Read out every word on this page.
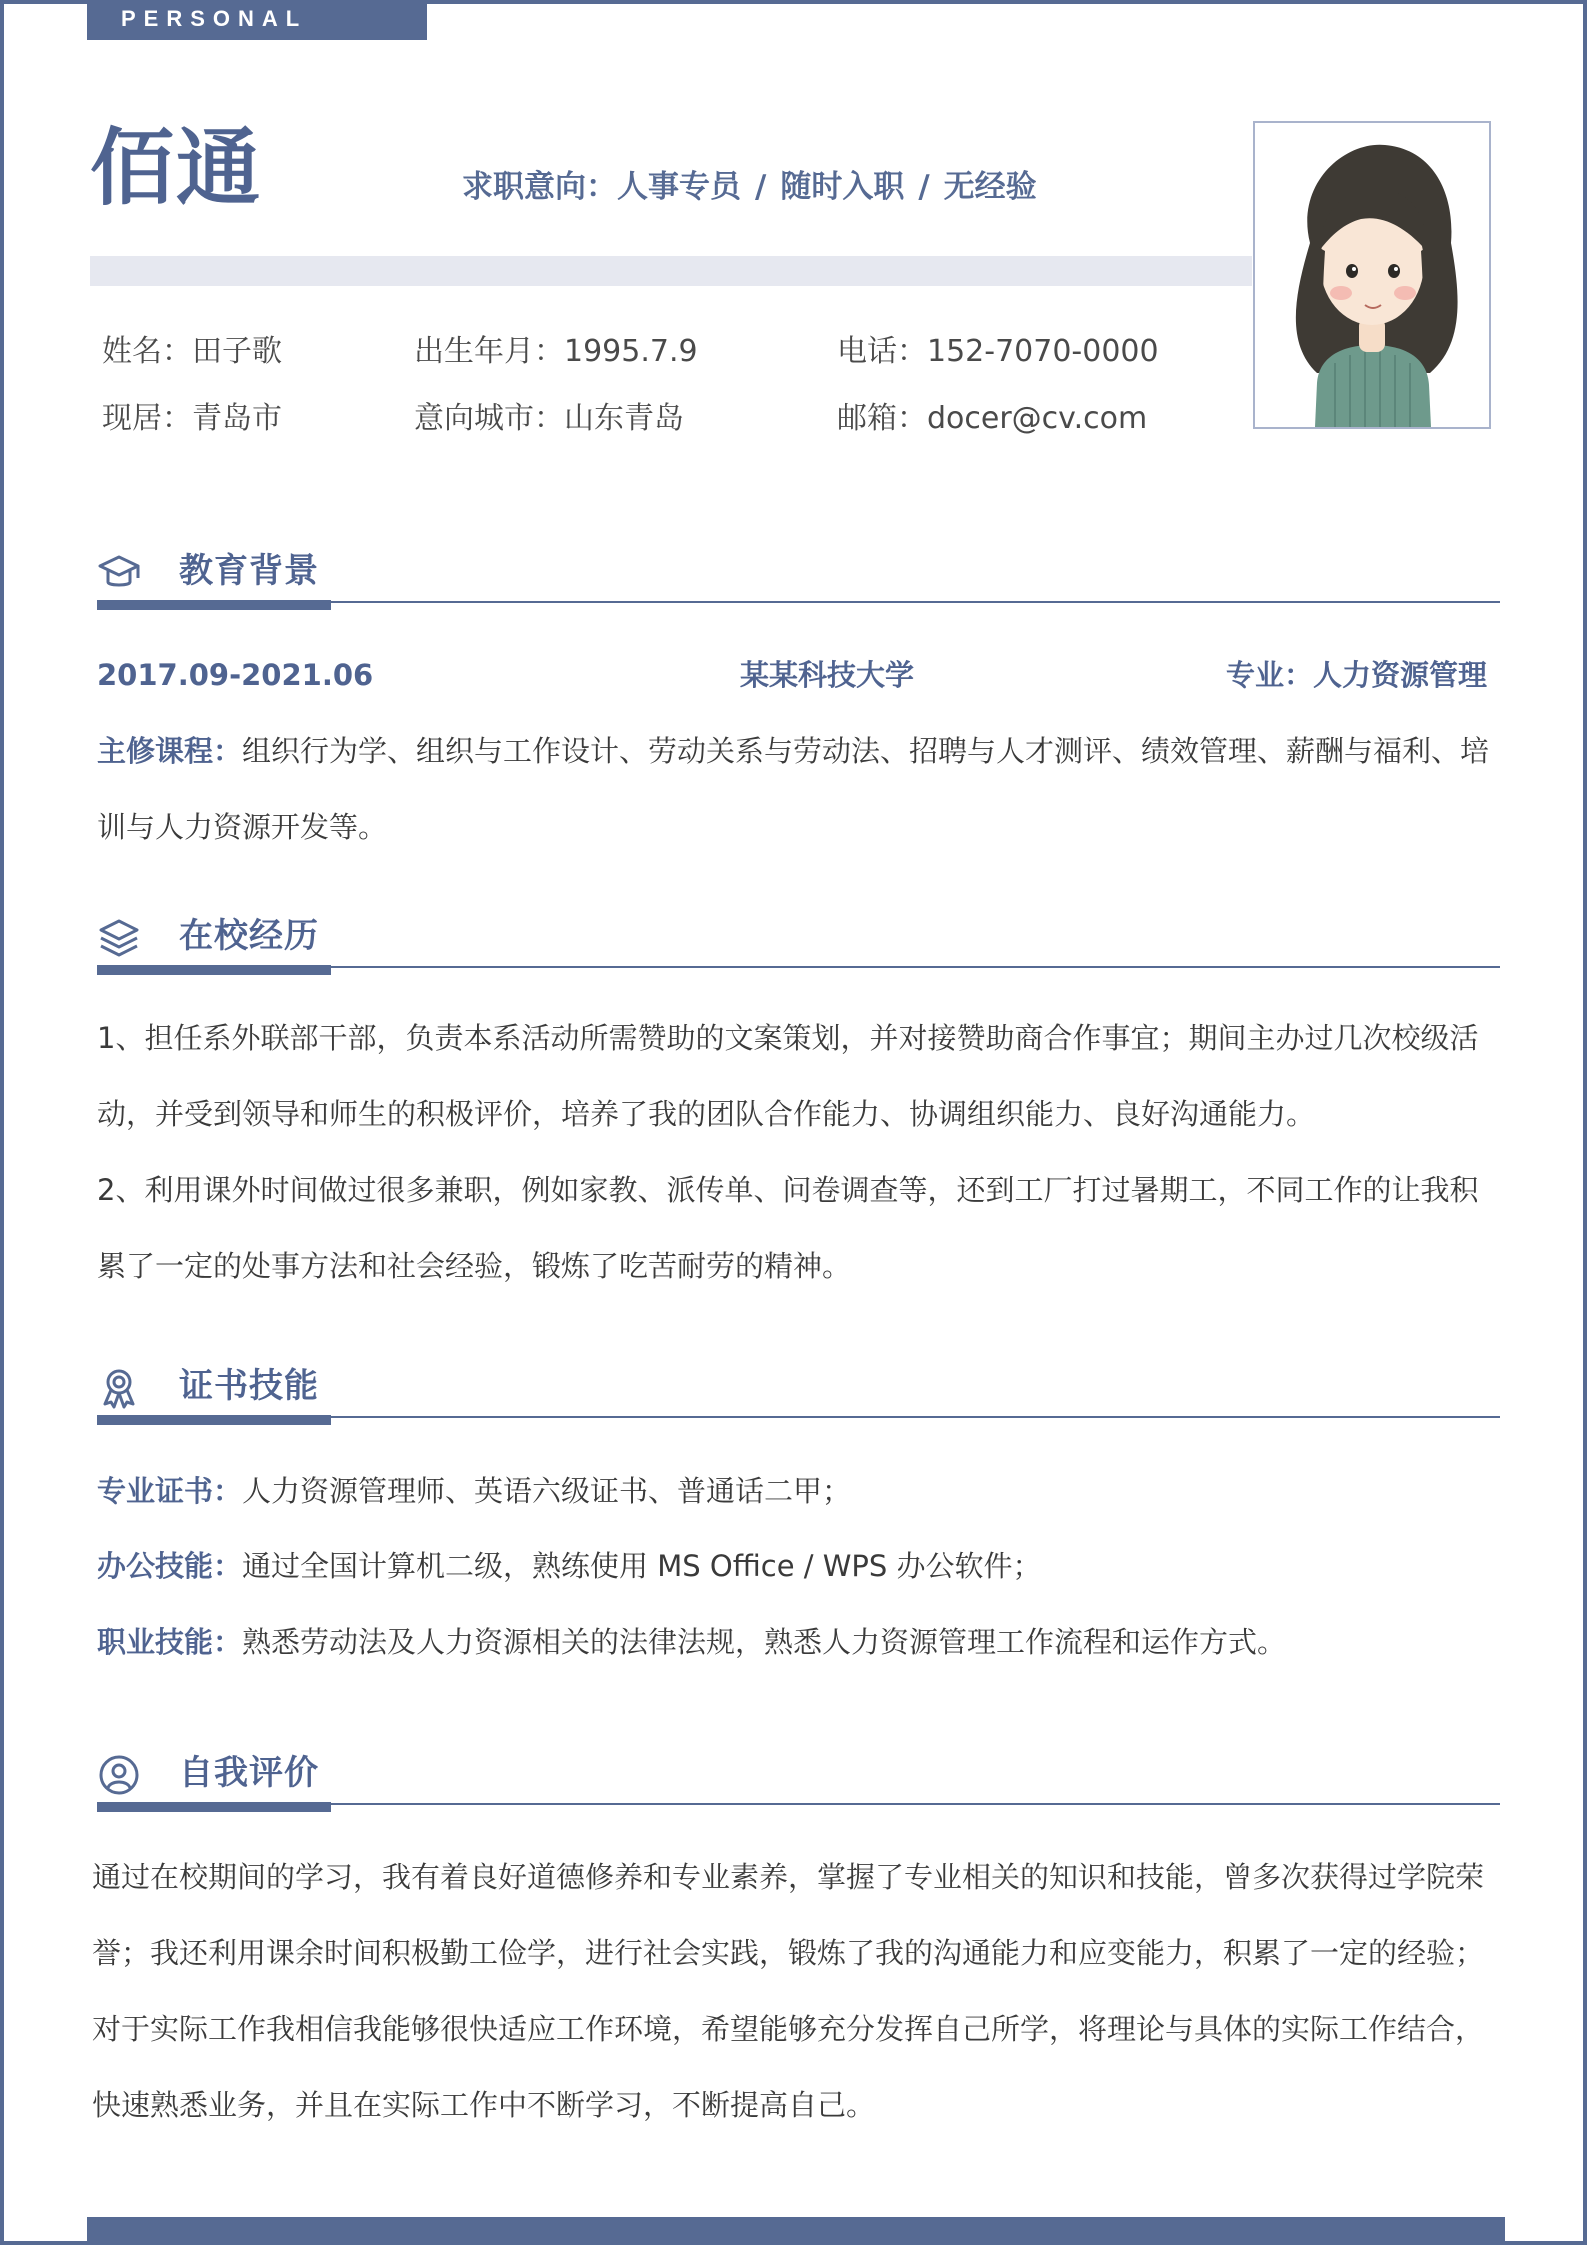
PERSONAL RESUME
佰通	求职意向：人事专员 / 随时入职 / 无经验
姓名：田子歌	出生年月：1995.7.9	电话：152-7070-0000
现居：青岛市	意向城市：山东青岛	邮箱：docer@cv.com
教育背景
2017.09-2021.06	某某科技大学	专业：人力资源管理
主修课程：组织行为学、组织与工作设计、劳动关系与劳动法、招聘与人才测评、绩效管理、薪酬与福利、培
训与人力资源开发等。
在校经历
1、担任系外联部干部，负责本系活动所需赞助的文案策划，并对接赞助商合作事宜；期间主办过几次校级活
动，并受到领导和师生的积极评价，培养了我的团队合作能力、协调组织能力、良好沟通能力。
2、利用课外时间做过很多兼职，例如家教、派传单、问卷调查等，还到工厂打过暑期工，不同工作的让我积
累了一定的处事方法和社会经验，锻炼了吃苦耐劳的精神。
证书技能
专业证书：人力资源管理师、英语六级证书、普通话二甲；
办公技能：通过全国计算机二级，熟练使用 MS Office / WPS 办公软件；
职业技能：熟悉劳动法及人力资源相关的法律法规，熟悉人力资源管理工作流程和运作方式。
自我评价
通过在校期间的学习，我有着良好道德修养和专业素养，掌握了专业相关的知识和技能，曾多次获得过学院荣
誉；我还利用课余时间积极勤工俭学，进行社会实践，锻炼了我的沟通能力和应变能力，积累了一定的经验；
对于实际工作我相信我能够很快适应工作环境，希望能够充分发挥自己所学，将理论与具体的实际工作结合，
快速熟悉业务，并且在实际工作中不断学习，不断提高自己。
